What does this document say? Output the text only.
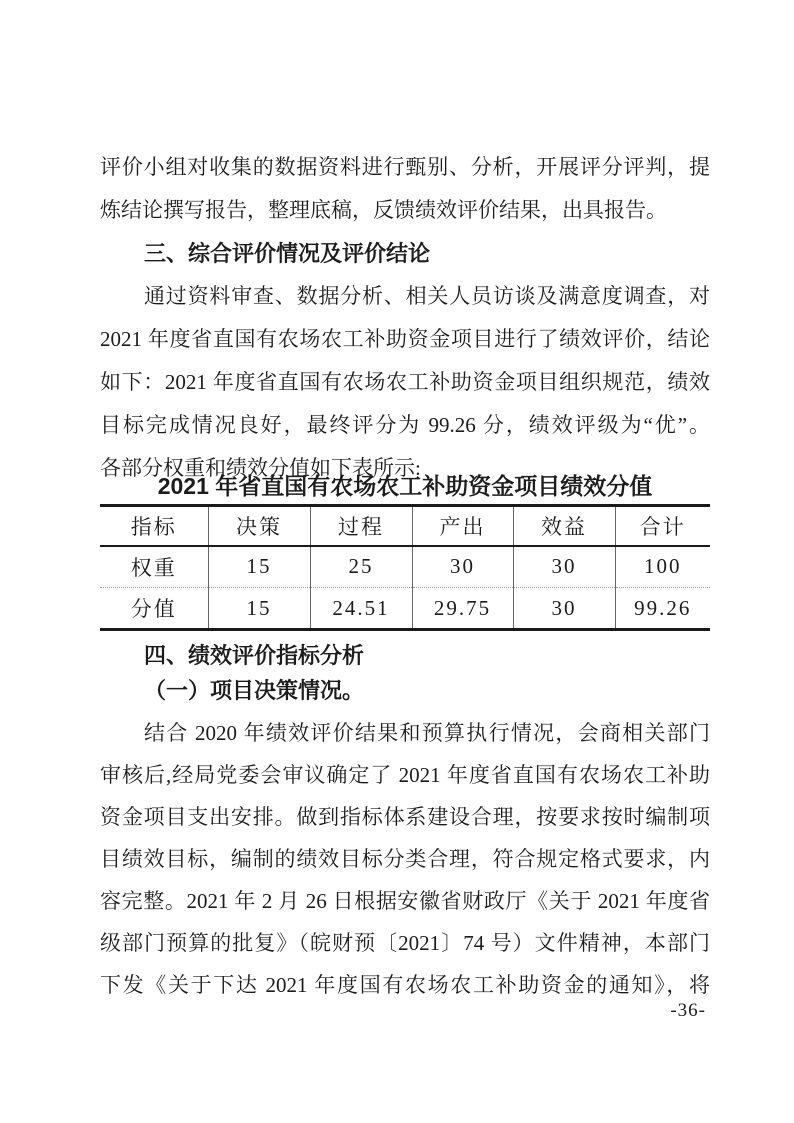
评价小组对收集的数据资料进行甄别、分析，开展评分评判，提
炼结论撰写报告，整理底稿，反馈绩效评价结果，出具报告。
三、综合评价情况及评价结论
通过资料审查、数据分析、相关人员访谈及满意度调查，对
2021 年度省直国有农场农工补助资金项目进行了绩效评价，结论
如下：2021 年度省直国有农场农工补助资金项目组织规范，绩效
目标完成情况良好，最终评分为 99.26 分，绩效评级为“优”。
各部分权重和绩效分值如下表所示:
2021 年省直国有农场农工补助资金项目绩效分值
指标	决策	过程	产出	效益	合计
权重	15	25	30	30	100
分值	15	24.51	29.75	30	99.26
四、绩效评价指标分析
（一）项目决策情况。
结合 2020 年绩效评价结果和预算执行情况，会商相关部门
审核后,经局党委会审议确定了 2021 年度省直国有农场农工补助
资金项目支出安排。做到指标体系建设合理，按要求按时编制项
目绩效目标，编制的绩效目标分类合理，符合规定格式要求，内
容完整。2021 年 2 月 26 日根据安徽省财政厅《关于 2021 年度省
级部门预算的批复》（皖财预〔2021〕74 号）文件精神，本部门
下发《关于下达 2021 年度国有农场农工补助资金的通知》，将
-36-
